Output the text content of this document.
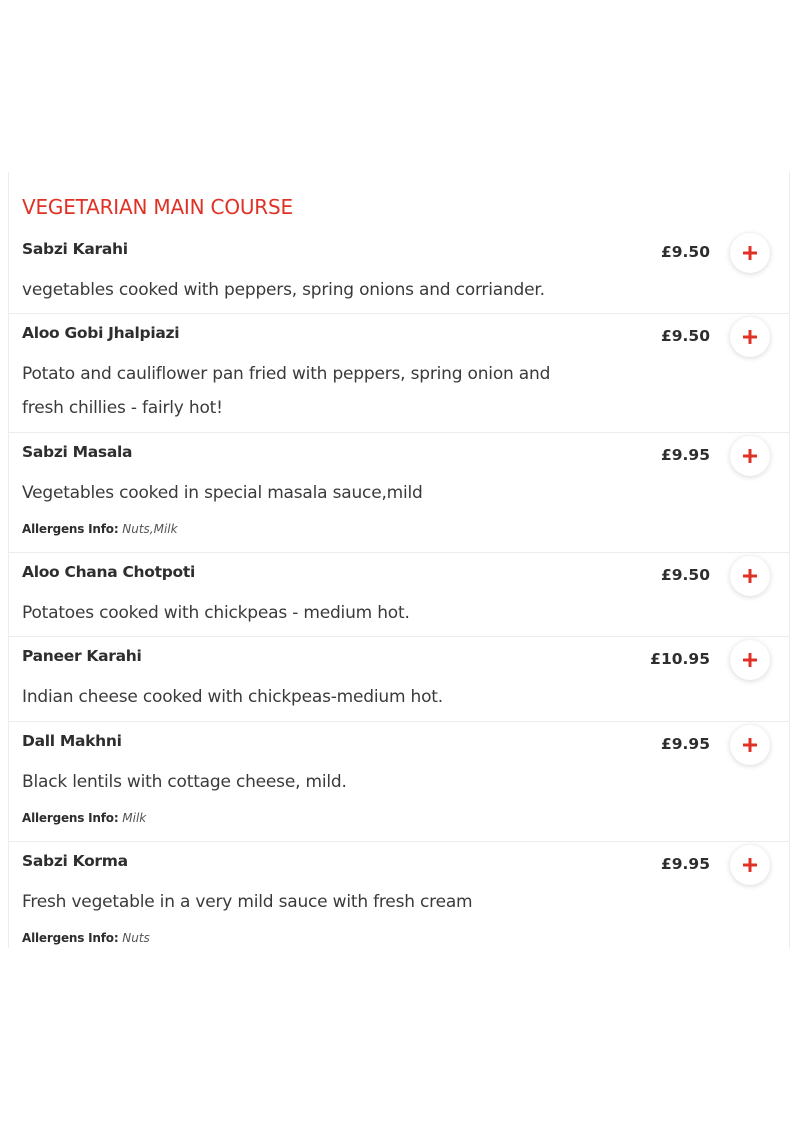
VEGETARIAN MAIN COURSE
Sabzi Karahi	£9.50
vegetables cooked with peppers, spring onions and corriander.
Aloo Gobi Jhalpiazi	£9.50
Potato and cauliflower pan fried with peppers, spring onion and fresh chillies - fairly hot!
Sabzi Masala	£9.95
Vegetables cooked in special masala sauce,mild
Allergens Info: Nuts,Milk
Aloo Chana Chotpoti	£9.50
Potatoes cooked with chickpeas - medium hot.
Paneer Karahi	£10.95
Indian cheese cooked with chickpeas-medium hot.
Dall Makhni	£9.95
Black lentils with cottage cheese, mild.
Allergens Info: Milk
Sabzi Korma	£9.95
Fresh vegetable in a very mild sauce with fresh cream
Allergens Info: Nuts
